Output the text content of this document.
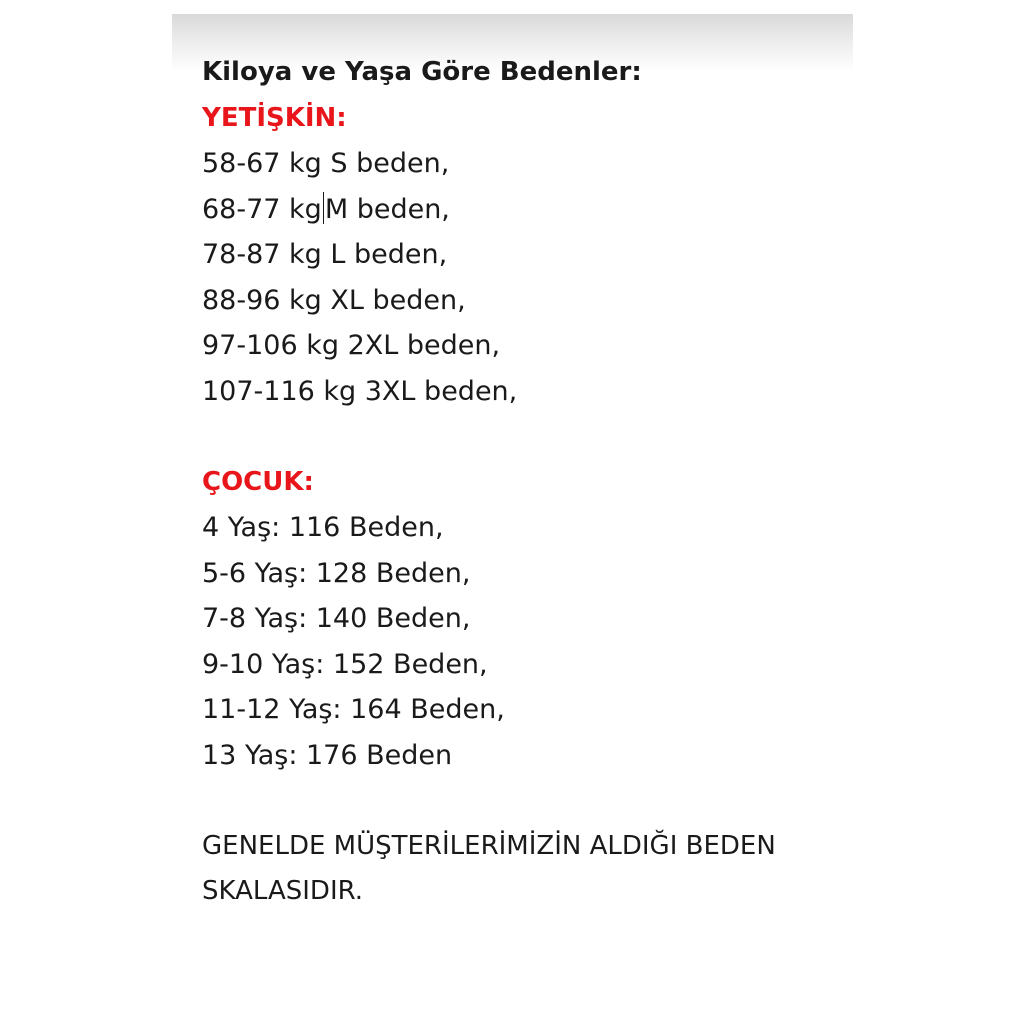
Kiloya ve Yaşa Göre Bedenler:

YETİŞKİN:

58-67 kg S beden,

68-77 kg M beden,

78-87 kg L beden,

88-96 kg XL beden,

97-106 kg 2XL beden,

107-116 kg 3XL beden,

ÇOCUK:

4 Yaş: 116 Beden,

5-6 Yaş: 128 Beden,

7-8 Yaş: 140 Beden,

9-10 Yaş: 152 Beden,

11-12 Yaş: 164 Beden,

13 Yaş: 176 Beden

GENELDE MÜŞTERİLERİMİZİN ALDIĞI BEDEN

SKALASIDIR.
